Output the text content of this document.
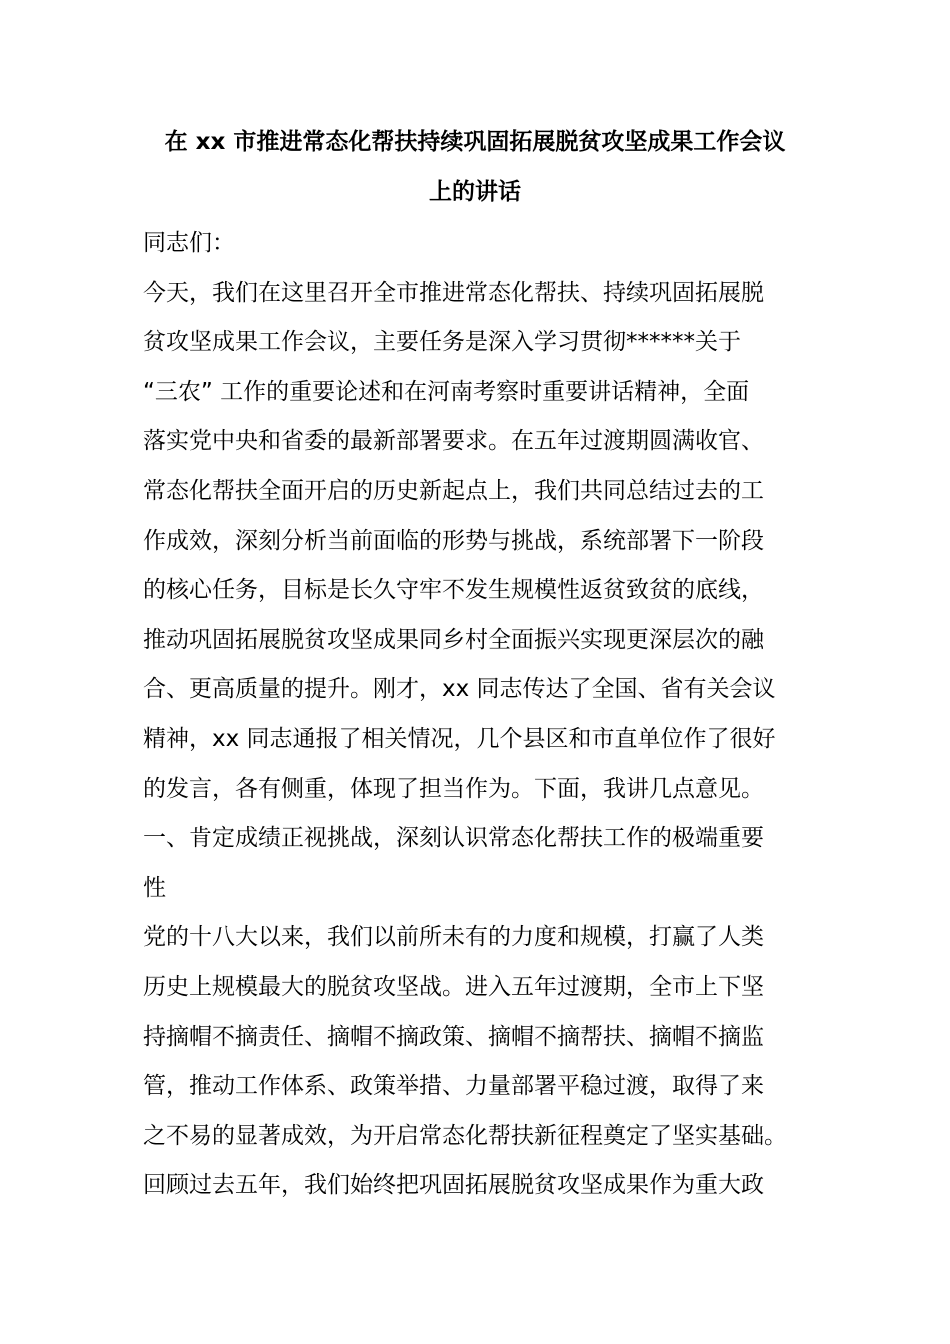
在 xx 市推进常态化帮扶持续巩固拓展脱贫攻坚成果工作会议
上的讲话
同志们：
今天，我们在这里召开全市推进常态化帮扶、持续巩固拓展脱
贫攻坚成果工作会议，主要任务是深入学习贯彻******关于
“三农” 工作的重要论述和在河南考察时重要讲话精神，全面
落实党中央和省委的最新部署要求。在五年过渡期圆满收官、
常态化帮扶全面开启的历史新起点上，我们共同总结过去的工
作成效，深刻分析当前面临的形势与挑战，系统部署下一阶段
的核心任务，目标是长久守牢不发生规模性返贫致贫的底线，
推动巩固拓展脱贫攻坚成果同乡村全面振兴实现更深层次的融
合、更高质量的提升。刚才，xx 同志传达了全国、省有关会议
精神，xx 同志通报了相关情况，几个县区和市直单位作了很好
的发言，各有侧重，体现了担当作为。下面，我讲几点意见。
一、肯定成绩正视挑战，深刻认识常态化帮扶工作的极端重要
性
党的十八大以来，我们以前所未有的力度和规模，打赢了人类
历史上规模最大的脱贫攻坚战。进入五年过渡期，全市上下坚
持摘帽不摘责任、摘帽不摘政策、摘帽不摘帮扶、摘帽不摘监
管，推动工作体系、政策举措、力量部署平稳过渡，取得了来
之不易的显著成效，为开启常态化帮扶新征程奠定了坚实基础。
回顾过去五年，我们始终把巩固拓展脱贫攻坚成果作为重大政
